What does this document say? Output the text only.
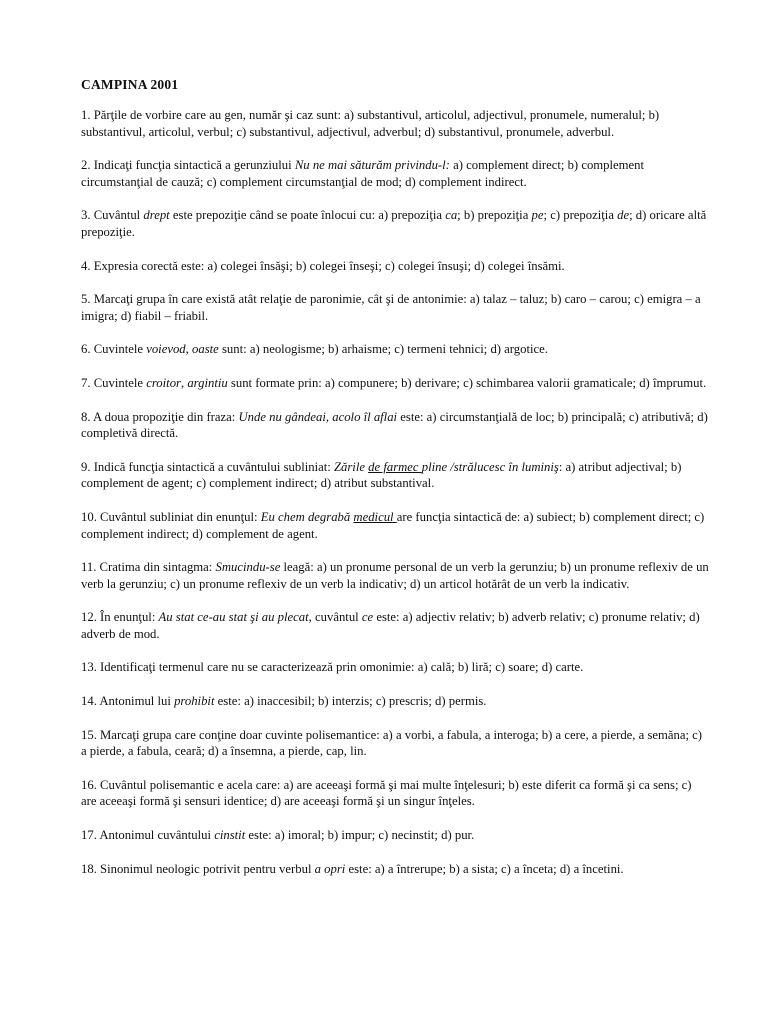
CAMPINA 2001

1. Părţile de vorbire care au gen, număr şi caz sunt: a) substantivul, articolul, adjectivul, pronumele, numeralul; b) substantivul, articolul, verbul; c) substantivul, adjectivul, adverbul; d) substantivul, pronumele, adverbul.

2. Indicaţi funcţia sintactică a gerunziului Nu ne mai săturăm privindu-l: a) complement direct; b) complement circumstanţial de cauză; c) complement circumstanţial de mod; d) complement indirect.

3. Cuvântul drept este prepoziţie când se poate înlocui cu: a) prepoziţia ca; b) prepoziţia pe; c) prepoziţia de; d) oricare altă prepoziţie.

4. Expresia corectă este: a) colegei însăşi; b) colegei înseşi; c) colegei însuşi; d) colegei însămi.

5. Marcaţi grupa în care există atât relaţie de paronimie, cât şi de antonimie: a) talaz – taluz; b) caro – carou; c) emigra – a imigra; d) fiabil – friabil.

6. Cuvintele voievod, oaste sunt: a) neologisme; b) arhaisme; c) termeni tehnici; d) argotice.

7. Cuvintele croitor, argintiu sunt formate prin: a) compunere; b) derivare; c) schimbarea valorii gramaticale; d) împrumut.

8. A doua propoziţie din fraza: Unde nu gândeai, acolo îl aflai este: a) circumstanţială de loc; b) principală; c) atributivă; d) completivă directă.

9. Indică funcţia sintactică a cuvântului subliniat: Zările de farmec pline /strălucesc în luminiş: a) atribut adjectival; b) complement de agent; c) complement indirect; d) atribut substantival.

10. Cuvântul subliniat din enunţul: Eu chem degrabă medicul are funcţia sintactică de: a) subiect; b) complement direct; c) complement indirect; d) complement de agent.

11. Cratima din sintagma: Smucindu-se leagă: a) un pronume personal de un verb la gerunziu; b) un pronume reflexiv de un verb la gerunziu; c) un pronume reflexiv de un verb la indicativ; d) un articol hotărât de un verb la indicativ.

12. În enunţul: Au stat ce-au stat şi au plecat, cuvântul ce este: a) adjectiv relativ; b) adverb relativ; c) pronume relativ; d) adverb de mod.

13. Identificaţi termenul care nu se caracterizează prin omonimie: a) cală; b) liră; c) soare; d) carte.

14. Antonimul lui prohibit este: a) inaccesibil; b) interzis; c) prescris; d) permis.

15. Marcaţi grupa care conţine doar cuvinte polisemantice: a) a vorbi, a fabula, a interoga; b) a cere, a pierde, a semăna; c) a pierde, a fabula, ceară; d) a însemna, a pierde, cap, lin.

16. Cuvântul polisemantic e acela care: a) are aceeaşi formă şi mai multe înţelesuri; b) este diferit ca formă şi ca sens; c) are aceeaşi formă şi sensuri identice; d) are aceeaşi formă şi un singur înţeles.

17. Antonimul cuvântului cinstit este: a) imoral; b) impur; c) necinstit; d) pur.

18. Sinonimul neologic potrivit pentru verbul a opri este: a) a întrerupe; b) a sista; c) a înceta; d) a încetini.
